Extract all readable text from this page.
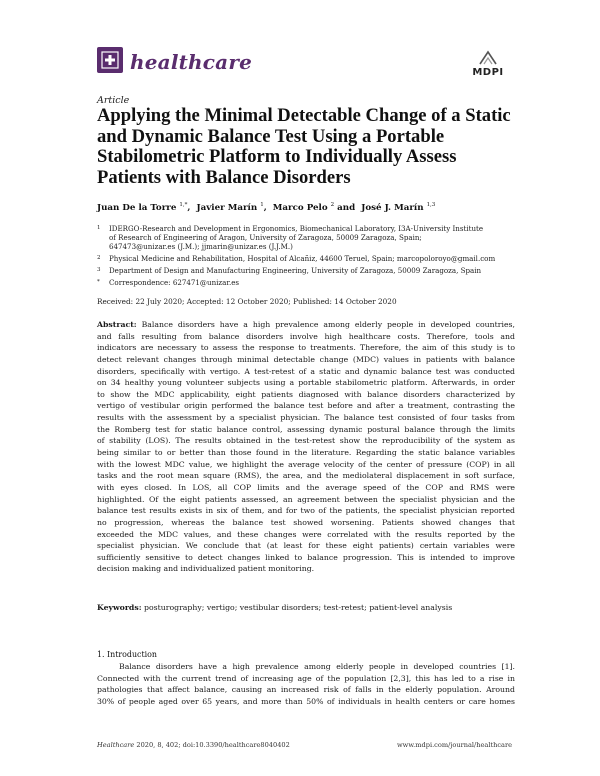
healthcare	MDPI
Article
Applying the Minimal Detectable Change of a Static
and Dynamic Balance Test Using a Portable
Stabilometric Platform to Individually Assess
Patients with Balance Disorders
Juan De la Torre $^{1,*}$,  Javier Marín $^1$,  Marco Pelo $^2$ and  José J. Marín $^{1,3}$
1	IDERGO-Research and Development in Ergonomics, Biomechanical Laboratory, I3A-University Institute
of Research of Engineering of Aragon, University of Zaragoza, 50009 Zaragoza, Spain;
647473@unizar.es (J.M.); jjmarin@unizar.es (J.J.M.)
2	Physical Medicine and Rehabilitation, Hospital of Alcañiz, 44600 Teruel, Spain; marcopoloroyo@gmail.com
3	Department of Design and Manufacturing Engineering, University of Zaragoza, 50009 Zaragoza, Spain
*	Correspondence: 627471@unizar.es
Received: 22 July 2020; Accepted: 12 October 2020; Published: 14 October 2020
Abstract: Balance disorders have a high prevalence among elderly people in developed countries,
and falls resulting from balance disorders involve high healthcare costs. Therefore, tools and
indicators are necessary to assess the response to treatments. Therefore, the aim of this study is to
detect relevant changes through minimal detectable change (MDC) values in patients with balance
disorders, specifically with vertigo. A test-retest of a static and dynamic balance test was conducted
on 34 healthy young volunteer subjects using a portable stabilometric platform. Afterwards, in order
to show the MDC applicability, eight patients diagnosed with balance disorders characterized by
vertigo of vestibular origin performed the balance test before and after a treatment, contrasting the
results with the assessment by a specialist physician. The balance test consisted of four tasks from
the Romberg test for static balance control, assessing dynamic postural balance through the limits
of stability (LOS). The results obtained in the test-retest show the reproducibility of the system as
being similar to or better than those found in the literature. Regarding the static balance variables
with the lowest MDC value, we highlight the average velocity of the center of pressure (COP) in all
tasks and the root mean square (RMS), the area, and the mediolateral displacement in soft surface,
with eyes closed. In LOS, all COP limits and the average speed of the COP and RMS were
highlighted. Of the eight patients assessed, an agreement between the specialist physician and the
balance test results exists in six of them, and for two of the patients, the specialist physician reported
no progression, whereas the balance test showed worsening. Patients showed changes that
exceeded the MDC values, and these changes were correlated with the results reported by the
specialist physician. We conclude that (at least for these eight patients) certain variables were
sufficiently sensitive to detect changes linked to balance progression. This is intended to improve
decision making and individualized patient monitoring.
Keywords: posturography; vertigo; vestibular disorders; test-retest; patient-level analysis
1. Introduction
Balance disorders have a high prevalence among elderly people in developed countries [1].
Connected with the current trend of increasing age of the population [2,3], this has led to a rise in
pathologies that affect balance, causing an increased risk of falls in the elderly population. Around
30% of people aged over 65 years, and more than 50% of individuals in health centers or care homes
Healthcare 2020, 8, 402; doi:10.3390/healthcare8040402	www.mdpi.com/journal/healthcare
